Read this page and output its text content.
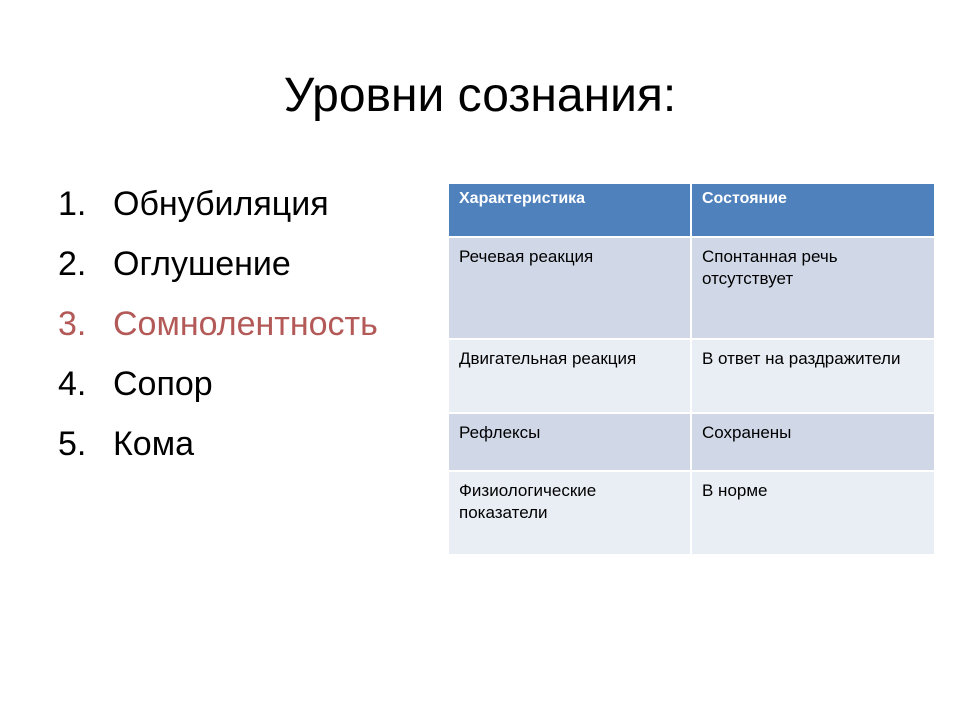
Уровни сознания:
1. Обнубиляция
2. Оглушение
3. Сомнолентность
4. Сопор
5. Кома
Характеристика	Состояние
Речевая реакция	Спонтанная речь отсутствует
Двигательная реакция	В ответ на раздражители
Рефлексы	Сохранены
Физиологические показатели	В норме
